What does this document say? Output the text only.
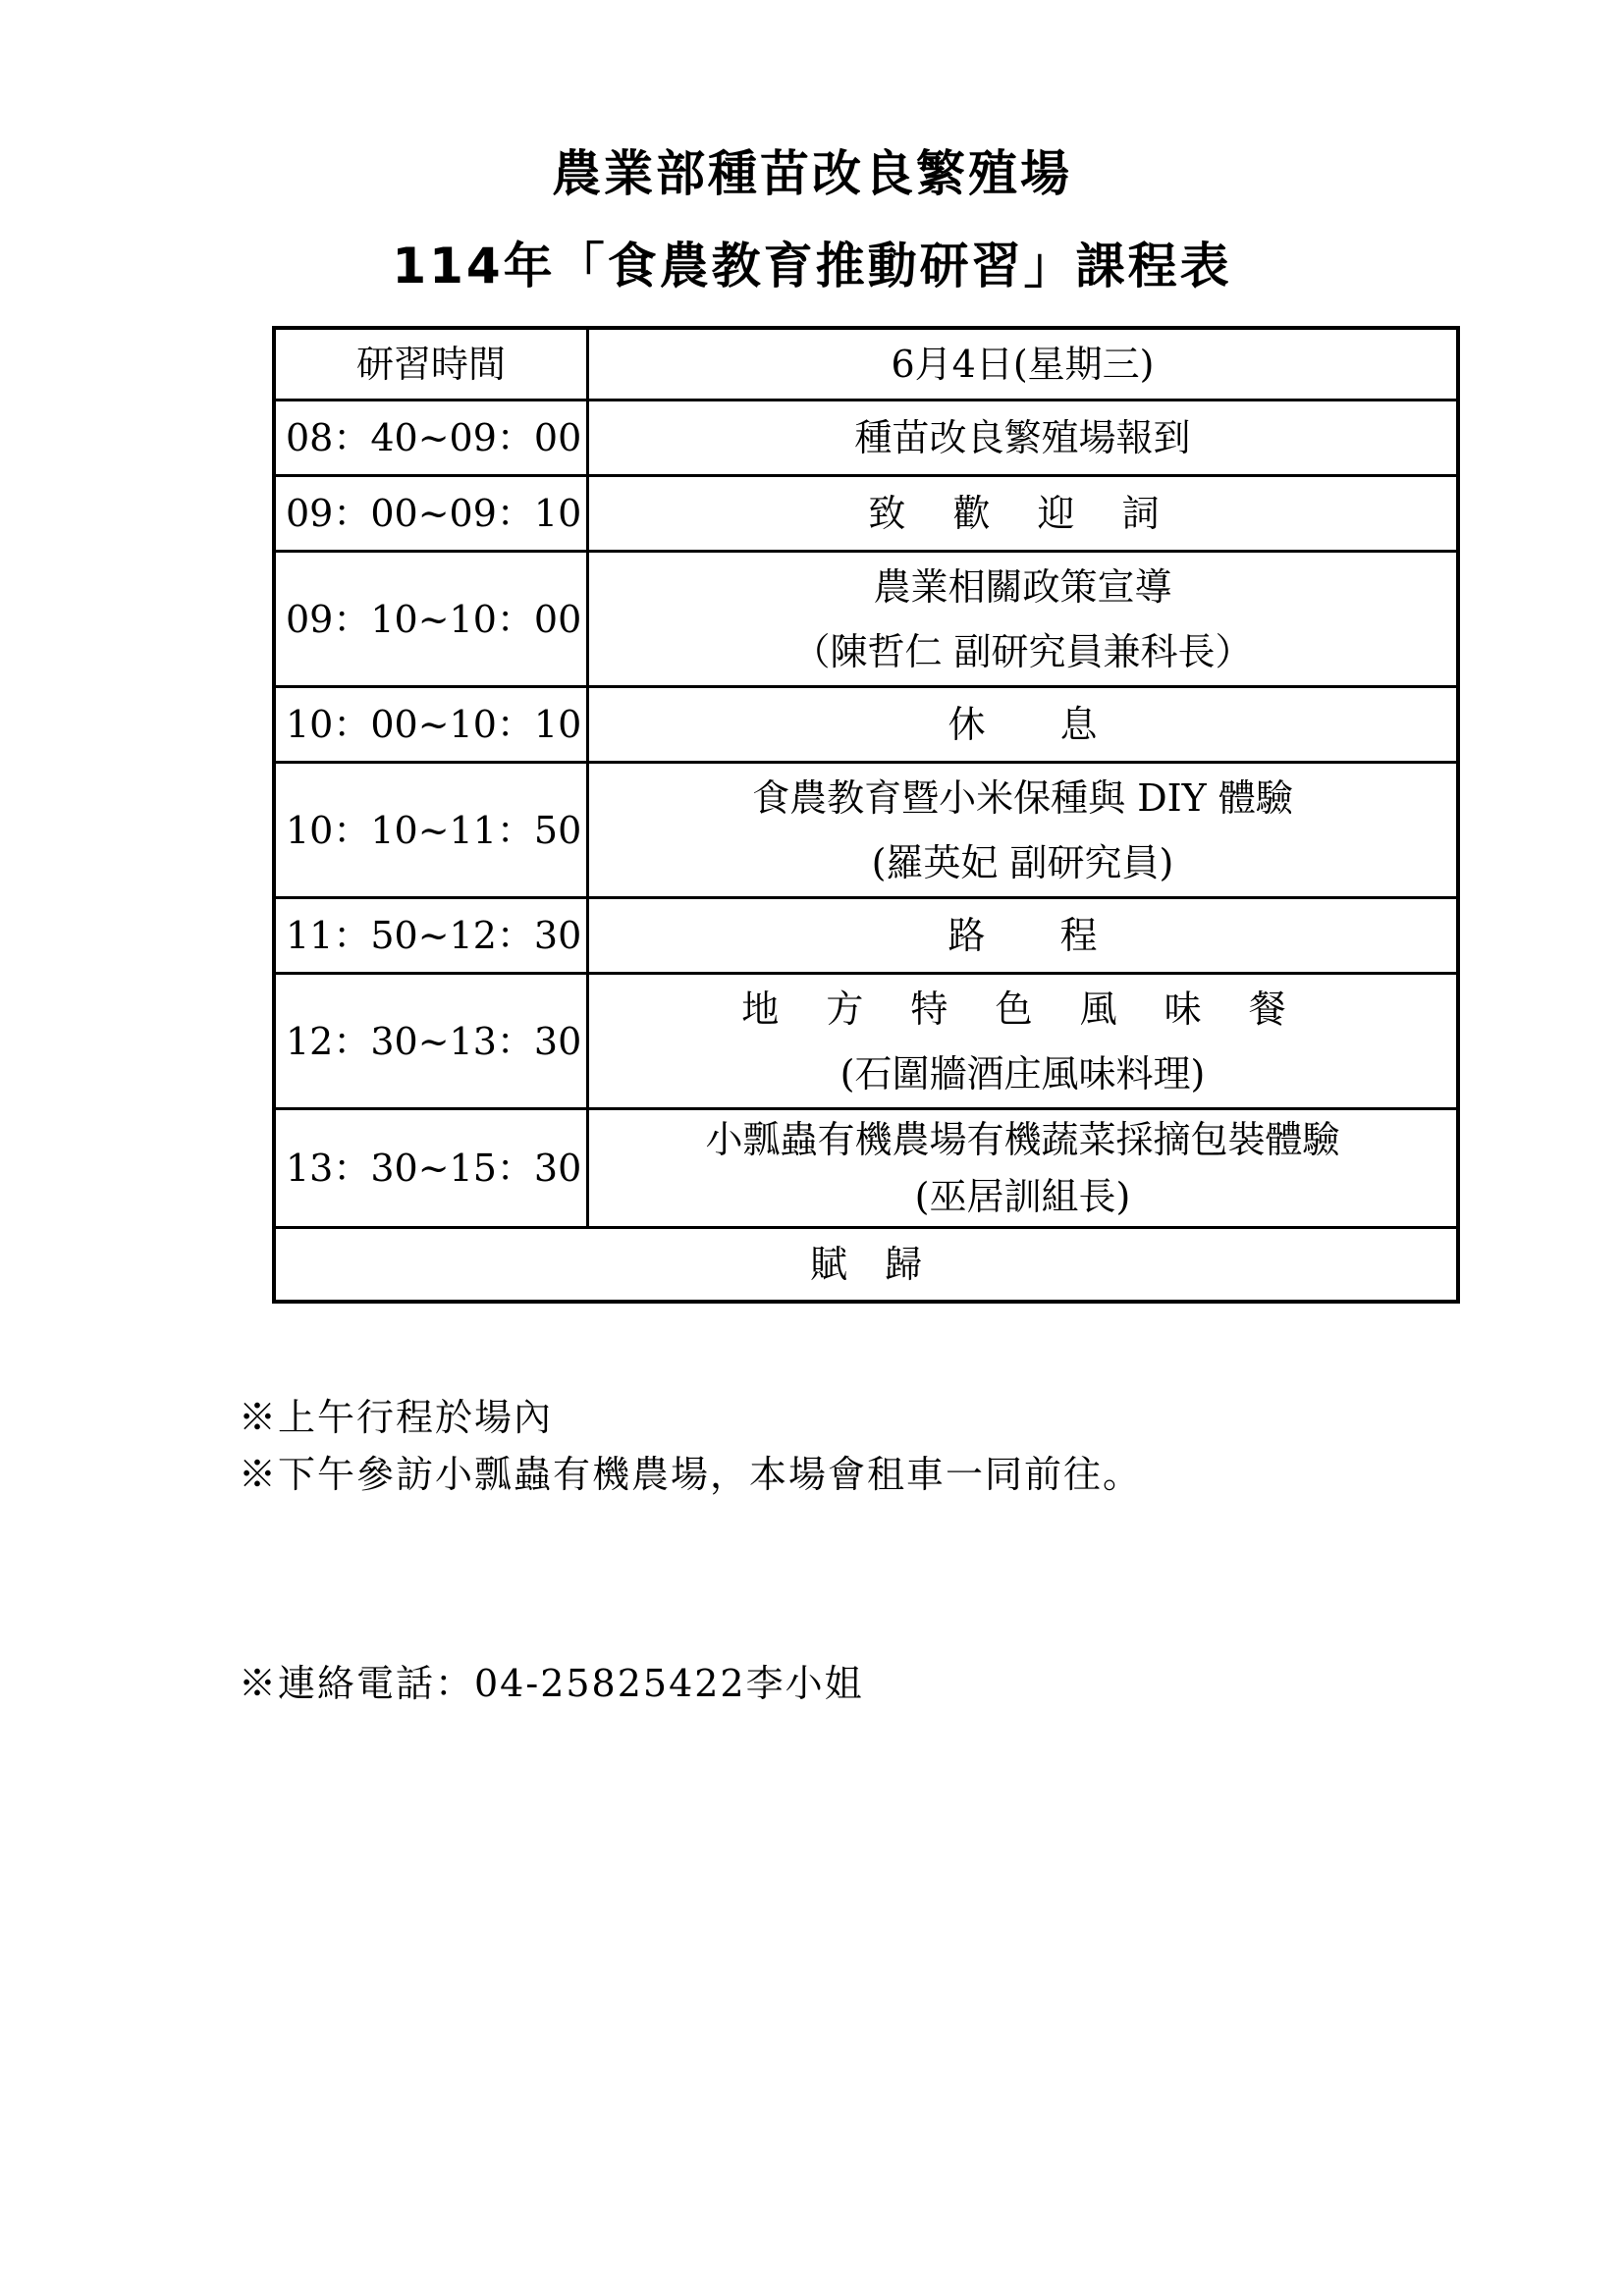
農業部種苗改良繁殖場
114年「食農教育推動研習」課程表
研習時間	6月4日(星期三)
08：40~09：00	種苗改良繁殖場報到

09：00~09：10	致 歡 迎 詞

09：10~10：00	農業相關政策宣導
（陳哲仁 副研究員兼科長）

10：00~10：10	休　　息

10：10~11：50	食農教育暨小米保種與 DIY 體驗
(羅英妃 副研究員)

11：50~12：30	路　　程

12：30~13：30	地 方 特 色 風 味 餐
(石圍牆酒庄風味料理)

13：30~15：30	小瓢蟲有機農場有機蔬菜採摘包裝體驗
(巫居訓組長)

賦　歸	
※上午行程於場內
※下午參訪小瓢蟲有機農場，本場會租車一同前往。
※連絡電話：04-25825422李小姐
